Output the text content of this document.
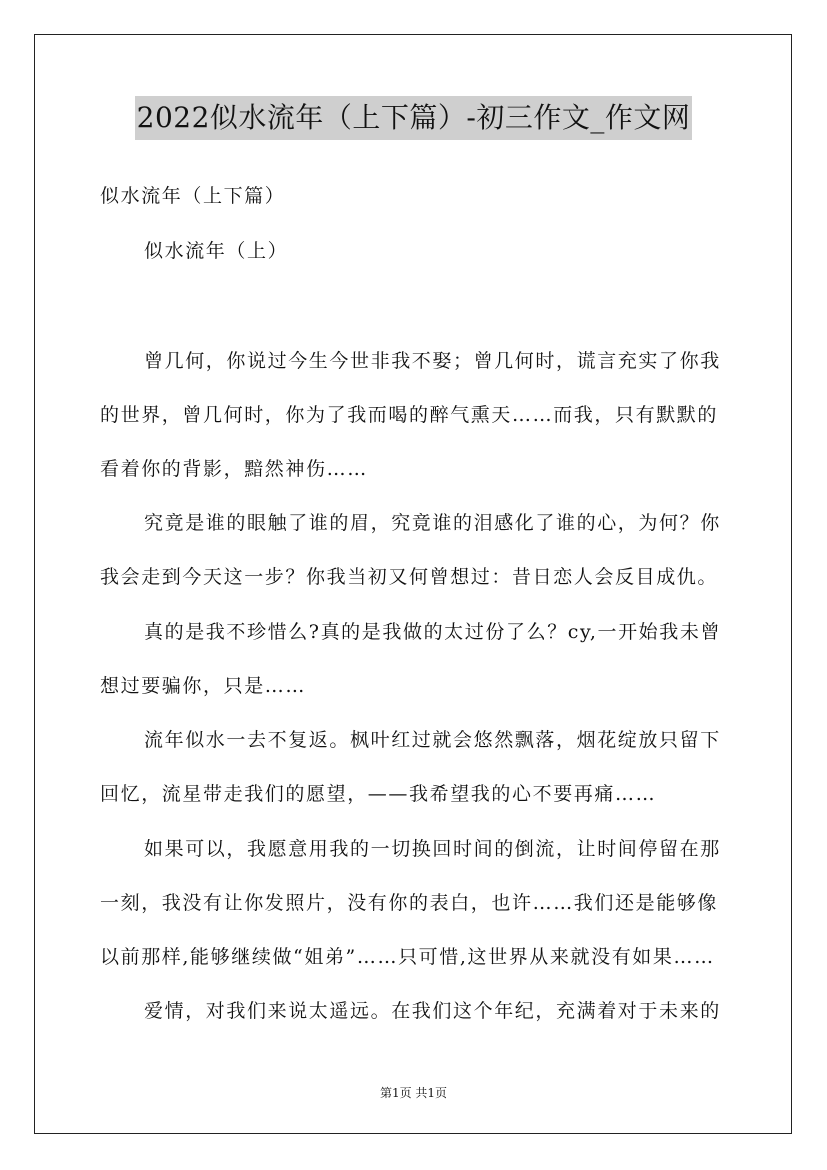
2022似水流年（上下篇）-初三作文_作文网
似水流年（上下篇）
似水流年（上）
曾几何，你说过今生今世非我不娶；曾几何时，谎言充实了你我
的世界，曾几何时，你为了我而喝的醉气熏天……而我，只有默默的
看着你的背影，黯然神伤……
究竟是谁的眼触了谁的眉，究竟谁的泪感化了谁的心，为何？你
我会走到今天这一步？你我当初又何曾想过：昔日恋人会反目成仇。
真的是我不珍惜么?真的是我做的太过份了么？cy,一开始我未曾
想过要骗你，只是……
流年似水一去不复返。枫叶红过就会悠然飘落，烟花绽放只留下
回忆，流星带走我们的愿望，——我希望我的心不要再痛……
如果可以，我愿意用我的一切换回时间的倒流，让时间停留在那
一刻，我没有让你发照片，没有你的表白，也许……我们还是能够像
以前那样,能够继续做“姐弟”……只可惜,这世界从来就没有如果……
爱情，对我们来说太遥远。在我们这个年纪，充满着对于未来的
第1页 共1页
